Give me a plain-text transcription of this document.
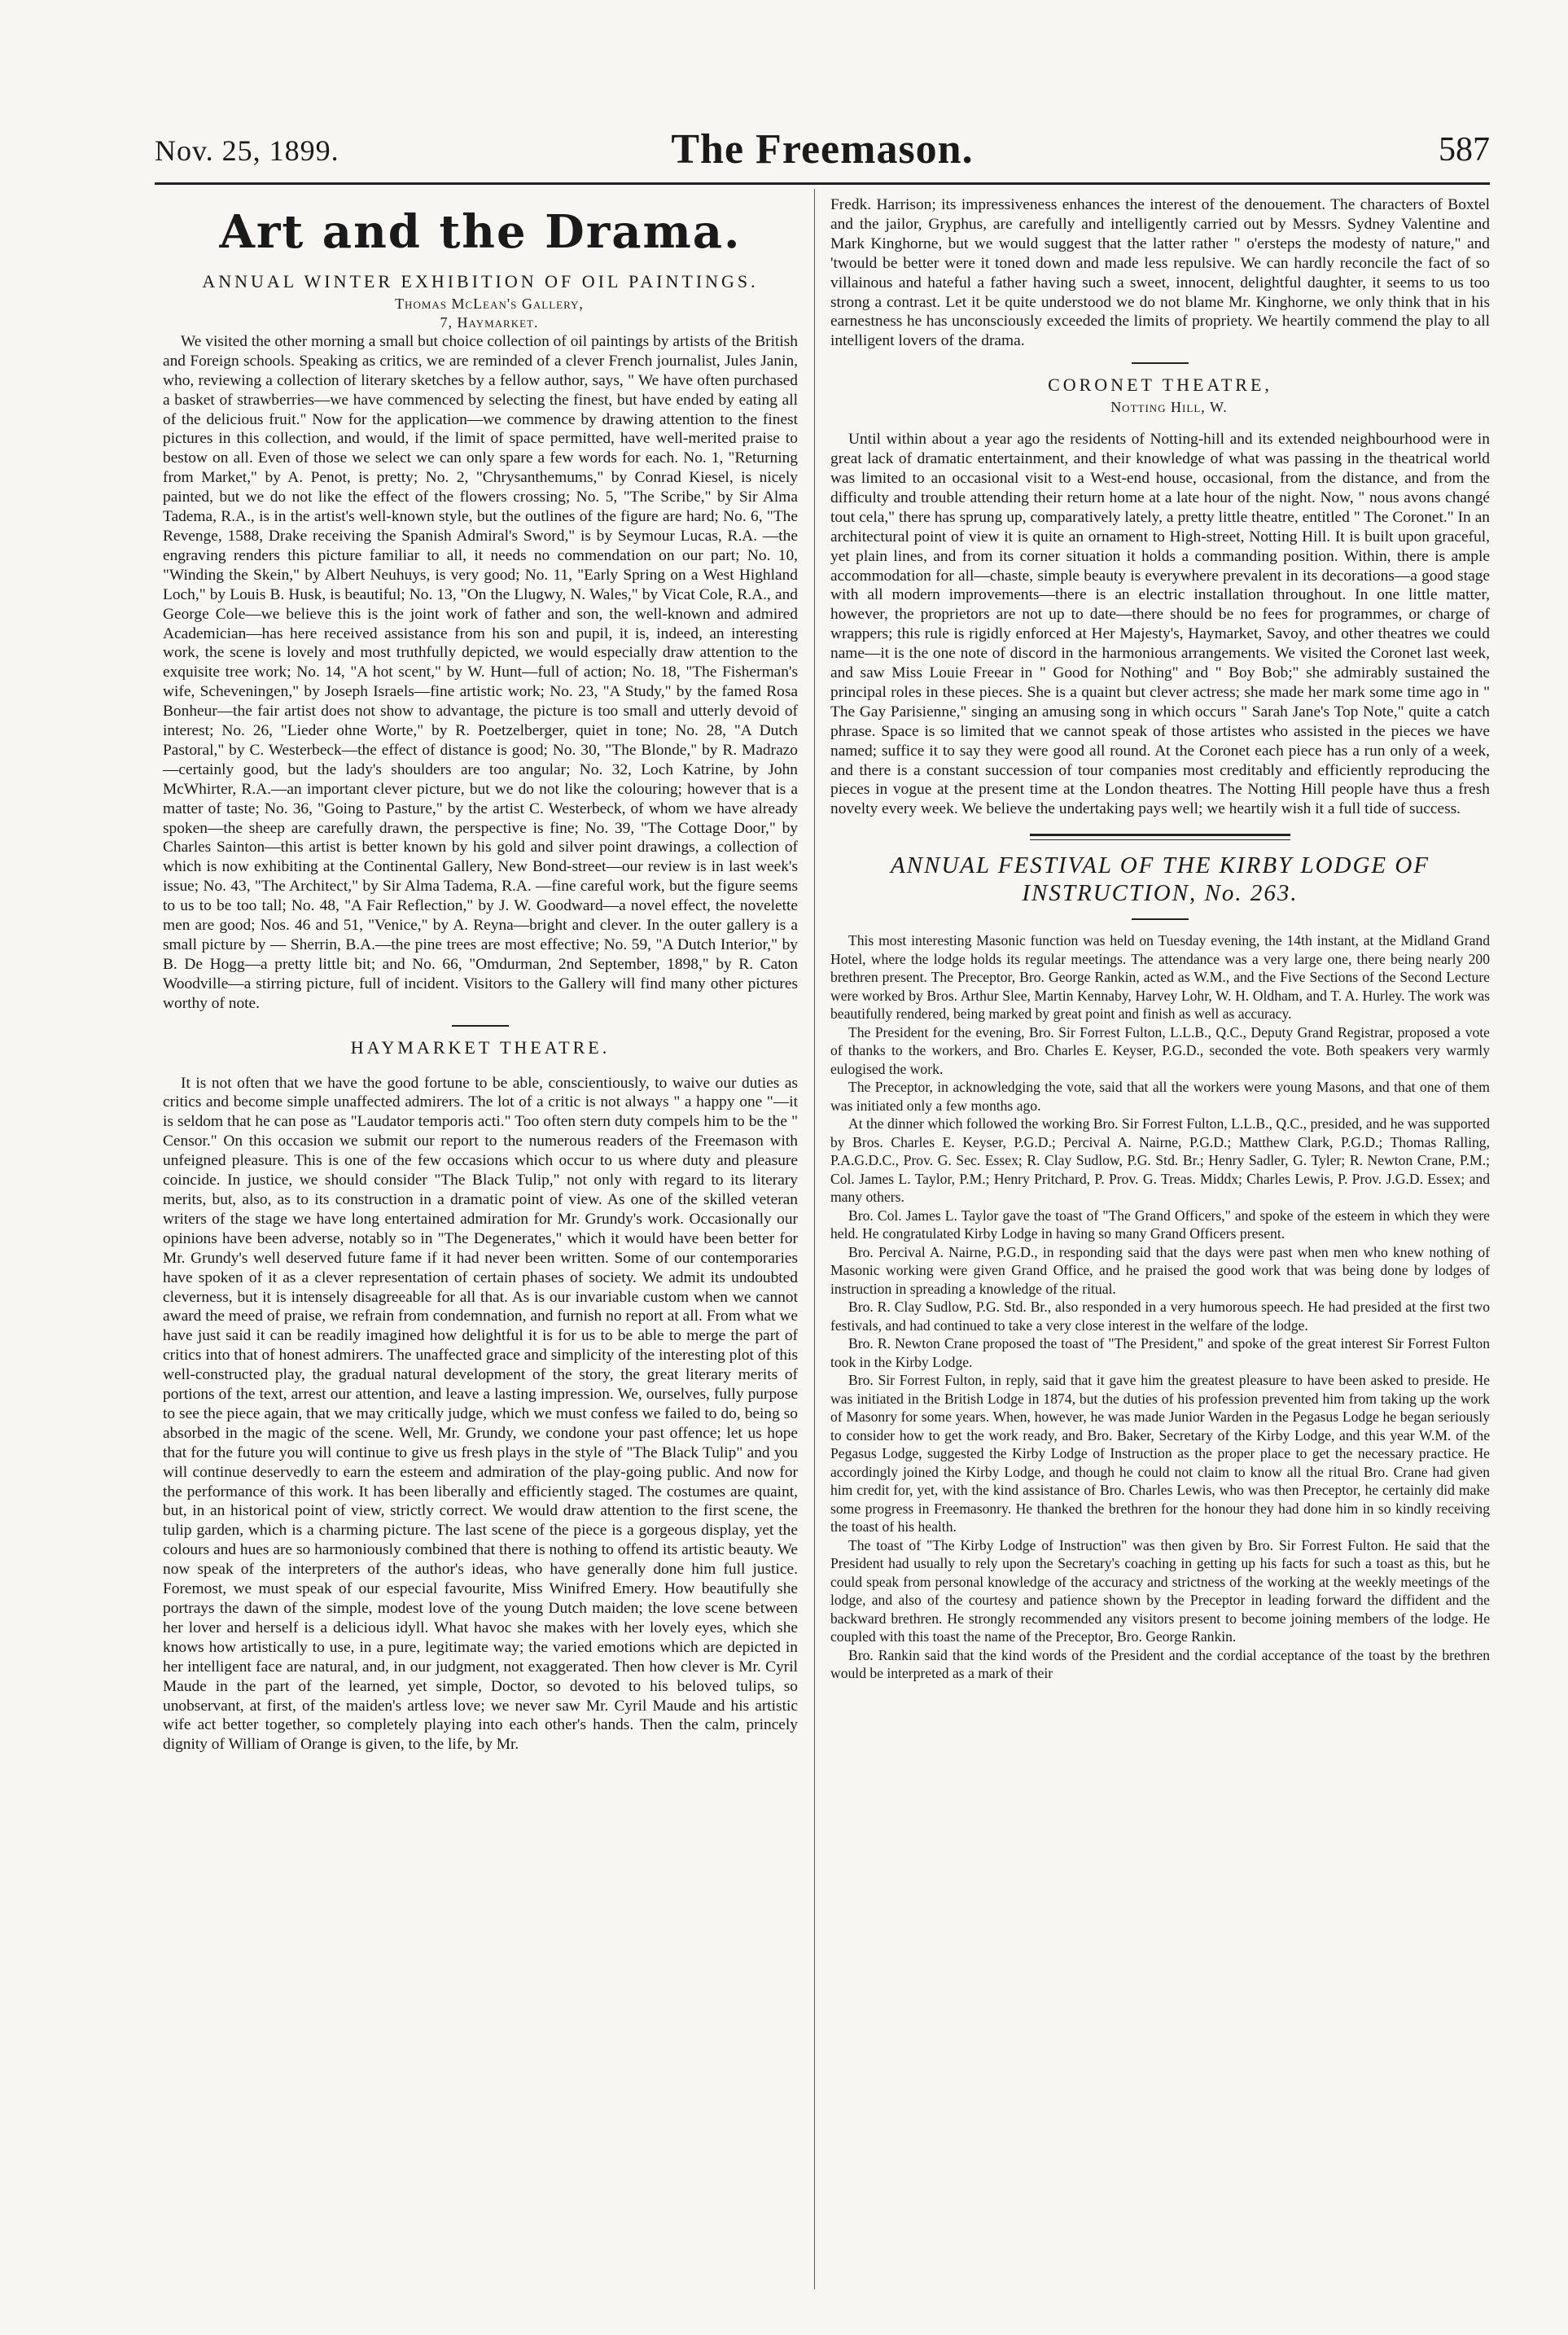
Nov. 25, 1899.	The Freemason.	587
Art and the Drama.
ANNUAL WINTER EXHIBITION OF OIL PAINTINGS.

Thomas McLean's Gallery,

7, Haymarket.

We visited the other morning a small but choice collection of oil paintings by artists of the British and Foreign schools. Speaking as critics, we are reminded of a clever French journalist, Jules Janin, who, reviewing a collection of literary sketches by a fellow author, says, " We have often purchased a basket of strawberries—we have commenced by selecting the finest, but have ended by eating all of the delicious fruit." Now for the application—we commence by drawing attention to the finest pictures in this collection, and would, if the limit of space permitted, have well-merited praise to bestow on all. Even of those we select we can only spare a few words for each. No. 1, "Returning from Market," by A. Penot, is pretty; No. 2, "Chrysanthemums," by Conrad Kiesel, is nicely painted, but we do not like the effect of the flowers crossing; No. 5, "The Scribe," by Sir Alma Tadema, R.A., is in the artist's well-known style, but the outlines of the figure are hard; No. 6, "The Revenge, 1588, Drake receiving the Spanish Admiral's Sword," is by Seymour Lucas, R.A. —the engraving renders this picture familiar to all, it needs no commendation on our part; No. 10, "Winding the Skein," by Albert Neuhuys, is very good; No. 11, "Early Spring on a West Highland Loch," by Louis B. Husk, is beautiful; No. 13, "On the Llugwy, N. Wales," by Vicat Cole, R.A., and George Cole—we believe this is the joint work of father and son, the well-known and admired Academician—has here received assistance from his son and pupil, it is, indeed, an interesting work, the scene is lovely and most truthfully depicted, we would especially draw attention to the exquisite tree work; No. 14, "A hot scent," by W. Hunt—full of action; No. 18, "The Fisherman's wife, Scheveningen," by Joseph Israels—fine artistic work; No. 23, "A Study," by the famed Rosa Bonheur—the fair artist does not show to advantage, the picture is too small and utterly devoid of interest; No. 26, "Lieder ohne Worte," by R. Poetzelberger, quiet in tone; No. 28, "A Dutch Pastoral," by C. Westerbeck—the effect of distance is good; No. 30, "The Blonde," by R. Madrazo—certainly good, but the lady's shoulders are too angular; No. 32, Loch Katrine, by John McWhirter, R.A.—an important clever picture, but we do not like the colouring; however that is a matter of taste; No. 36, "Going to Pasture," by the artist C. Westerbeck, of whom we have already spoken—the sheep are carefully drawn, the perspective is fine; No. 39, "The Cottage Door," by Charles Sainton—this artist is better known by his gold and silver point drawings, a collection of which is now exhibiting at the Continental Gallery, New Bond-street—our review is in last week's issue; No. 43, "The Architect," by Sir Alma Tadema, R.A. —fine careful work, but the figure seems to us to be too tall; No. 48, "A Fair Reflection," by J. W. Goodward—a novel effect, the novelette men are good; Nos. 46 and 51, "Venice," by A. Reyna—bright and clever. In the outer gallery is a small picture by — Sherrin, B.A.—the pine trees are most effective; No. 59, "A Dutch Interior," by B. De Hogg—a pretty little bit; and No. 66, "Omdurman, 2nd September, 1898," by R. Caton Woodville—a stirring picture, full of incident. Visitors to the Gallery will find many other pictures worthy of note.

HAYMARKET THEATRE.

It is not often that we have the good fortune to be able, conscientiously, to waive our duties as critics and become simple unaffected admirers. The lot of a critic is not always " a happy one "—it is seldom that he can pose as "Laudator temporis acti." Too often stern duty compels him to be the " Censor." On this occasion we submit our report to the numerous readers of the Freemason with unfeigned pleasure. This is one of the few occasions which occur to us where duty and pleasure coincide. In justice, we should consider "The Black Tulip," not only with regard to its literary merits, but, also, as to its construction in a dramatic point of view. As one of the skilled veteran writers of the stage we have long entertained admiration for Mr. Grundy's work. Occasionally our opinions have been adverse, notably so in "The Degenerates," which it would have been better for Mr. Grundy's well deserved future fame if it had never been written. Some of our contemporaries have spoken of it as a clever representation of certain phases of society. We admit its undoubted cleverness, but it is intensely disagreeable for all that. As is our invariable custom when we cannot award the meed of praise, we refrain from condemnation, and furnish no report at all. From what we have just said it can be readily imagined how delightful it is for us to be able to merge the part of critics into that of honest admirers. The unaffected grace and simplicity of the interesting plot of this well-constructed play, the gradual natural development of the story, the great literary merits of portions of the text, arrest our attention, and leave a lasting impression. We, ourselves, fully purpose to see the piece again, that we may critically judge, which we must confess we failed to do, being so absorbed in the magic of the scene. Well, Mr. Grundy, we condone your past offence; let us hope that for the future you will continue to give us fresh plays in the style of "The Black Tulip" and you will continue deservedly to earn the esteem and admiration of the play-going public. And now for the performance of this work. It has been liberally and efficiently staged. The costumes are quaint, but, in an historical point of view, strictly correct. We would draw attention to the first scene, the tulip garden, which is a charming picture. The last scene of the piece is a gorgeous display, yet the colours and hues are so harmoniously combined that there is nothing to offend its artistic beauty. We now speak of the interpreters of the author's ideas, who have generally done him full justice. Foremost, we must speak of our especial favourite, Miss Winifred Emery. How beautifully she portrays the dawn of the simple, modest love of the young Dutch maiden; the love scene between her lover and herself is a delicious idyll. What havoc she makes with her lovely eyes, which she knows how artistically to use, in a pure, legitimate way; the varied emotions which are depicted in her intelligent face are natural, and, in our judgment, not exaggerated. Then how clever is Mr. Cyril Maude in the part of the learned, yet simple, Doctor, so devoted to his beloved tulips, so unobservant, at first, of the maiden's artless love; we never saw Mr. Cyril Maude and his artistic wife act better together, so completely playing into each other's hands. Then the calm, princely dignity of William of Orange is given, to the life, by Mr.

Fredk. Harrison; its impressiveness enhances the interest of the denouement. The characters of Boxtel and the jailor, Gryphus, are carefully and intelligently carried out by Messrs. Sydney Valentine and Mark Kinghorne, but we would suggest that the latter rather " o'ersteps the modesty of nature," and 'twould be better were it toned down and made less repulsive. We can hardly reconcile the fact of so villainous and hateful a father having such a sweet, innocent, delightful daughter, it seems to us too strong a contrast. Let it be quite understood we do not blame Mr. Kinghorne, we only think that in his earnestness he has unconsciously exceeded the limits of propriety. We heartily commend the play to all intelligent lovers of the drama.

CORONET THEATRE,

Notting Hill, W.

Until within about a year ago the residents of Notting-hill and its extended neighbourhood were in great lack of dramatic entertainment, and their knowledge of what was passing in the theatrical world was limited to an occasional visit to a West-end house, occasional, from the distance, and from the difficulty and trouble attending their return home at a late hour of the night. Now, " nous avons changé tout cela," there has sprung up, comparatively lately, a pretty little theatre, entitled " The Coronet." In an architectural point of view it is quite an ornament to High-street, Notting Hill. It is built upon graceful, yet plain lines, and from its corner situation it holds a commanding position. Within, there is ample accommodation for all—chaste, simple beauty is everywhere prevalent in its decorations—a good stage with all modern improvements—there is an electric installation throughout. In one little matter, however, the proprietors are not up to date—there should be no fees for programmes, or charge of wrappers; this rule is rigidly enforced at Her Majesty's, Haymarket, Savoy, and other theatres we could name—it is the one note of discord in the harmonious arrangements. We visited the Coronet last week, and saw Miss Louie Freear in " Good for Nothing" and " Boy Bob;" she admirably sustained the principal roles in these pieces. She is a quaint but clever actress; she made her mark some time ago in " The Gay Parisienne," singing an amusing song in which occurs " Sarah Jane's Top Note," quite a catch phrase. Space is so limited that we cannot speak of those artistes who assisted in the pieces we have named; suffice it to say they were good all round. At the Coronet each piece has a run only of a week, and there is a constant succession of tour companies most creditably and efficiently reproducing the pieces in vogue at the present time at the London theatres. The Notting Hill people have thus a fresh novelty every week. We believe the undertaking pays well; we heartily wish it a full tide of success.

ANNUAL FESTIVAL OF THE KIRBY LODGE OF
INSTRUCTION, No. 263.

This most interesting Masonic function was held on Tuesday evening, the 14th instant, at the Midland Grand Hotel, where the lodge holds its regular meetings. The attendance was a very large one, there being nearly 200 brethren present. The Preceptor, Bro. George Rankin, acted as W.M., and the Five Sections of the Second Lecture were worked by Bros. Arthur Slee, Martin Kennaby, Harvey Lohr, W. H. Oldham, and T. A. Hurley. The work was beautifully rendered, being marked by great point and finish as well as accuracy.

The President for the evening, Bro. Sir Forrest Fulton, L.L.B., Q.C., Deputy Grand Registrar, proposed a vote of thanks to the workers, and Bro. Charles E. Keyser, P.G.D., seconded the vote. Both speakers very warmly eulogised the work.

The Preceptor, in acknowledging the vote, said that all the workers were young Masons, and that one of them was initiated only a few months ago.

At the dinner which followed the working Bro. Sir Forrest Fulton, L.L.B., Q.C., presided, and he was supported by Bros. Charles E. Keyser, P.G.D.; Percival A. Nairne, P.G.D.; Matthew Clark, P.G.D.; Thomas Ralling, P.A.G.D.C., Prov. G. Sec. Essex; R. Clay Sudlow, P.G. Std. Br.; Henry Sadler, G. Tyler; R. Newton Crane, P.M.; Col. James L. Taylor, P.M.; Henry Pritchard, P. Prov. G. Treas. Middx; Charles Lewis, P. Prov. J.G.D. Essex; and many others.

Bro. Col. James L. Taylor gave the toast of "The Grand Officers," and spoke of the esteem in which they were held. He congratulated Kirby Lodge in having so many Grand Officers present.

Bro. Percival A. Nairne, P.G.D., in responding said that the days were past when men who knew nothing of Masonic working were given Grand Office, and he praised the good work that was being done by lodges of instruction in spreading a knowledge of the ritual.

Bro. R. Clay Sudlow, P.G. Std. Br., also responded in a very humorous speech. He had presided at the first two festivals, and had continued to take a very close interest in the welfare of the lodge.

Bro. R. Newton Crane proposed the toast of "The President," and spoke of the great interest Sir Forrest Fulton took in the Kirby Lodge.

Bro. Sir Forrest Fulton, in reply, said that it gave him the greatest pleasure to have been asked to preside. He was initiated in the British Lodge in 1874, but the duties of his profession prevented him from taking up the work of Masonry for some years. When, however, he was made Junior Warden in the Pegasus Lodge he began seriously to consider how to get the work ready, and Bro. Baker, Secretary of the Kirby Lodge, and this year W.M. of the Pegasus Lodge, suggested the Kirby Lodge of Instruction as the proper place to get the necessary practice. He accordingly joined the Kirby Lodge, and though he could not claim to know all the ritual Bro. Crane had given him credit for, yet, with the kind assistance of Bro. Charles Lewis, who was then Preceptor, he certainly did make some progress in Freemasonry. He thanked the brethren for the honour they had done him in so kindly receiving the toast of his health.

The toast of "The Kirby Lodge of Instruction" was then given by Bro. Sir Forrest Fulton. He said that the President had usually to rely upon the Secretary's coaching in getting up his facts for such a toast as this, but he could speak from personal knowledge of the accuracy and strictness of the working at the weekly meetings of the lodge, and also of the courtesy and patience shown by the Preceptor in leading forward the diffident and the backward brethren. He strongly recommended any visitors present to become joining members of the lodge. He coupled with this toast the name of the Preceptor, Bro. George Rankin.

Bro. Rankin said that the kind words of the President and the cordial acceptance of the toast by the brethren would be interpreted as a mark of their
